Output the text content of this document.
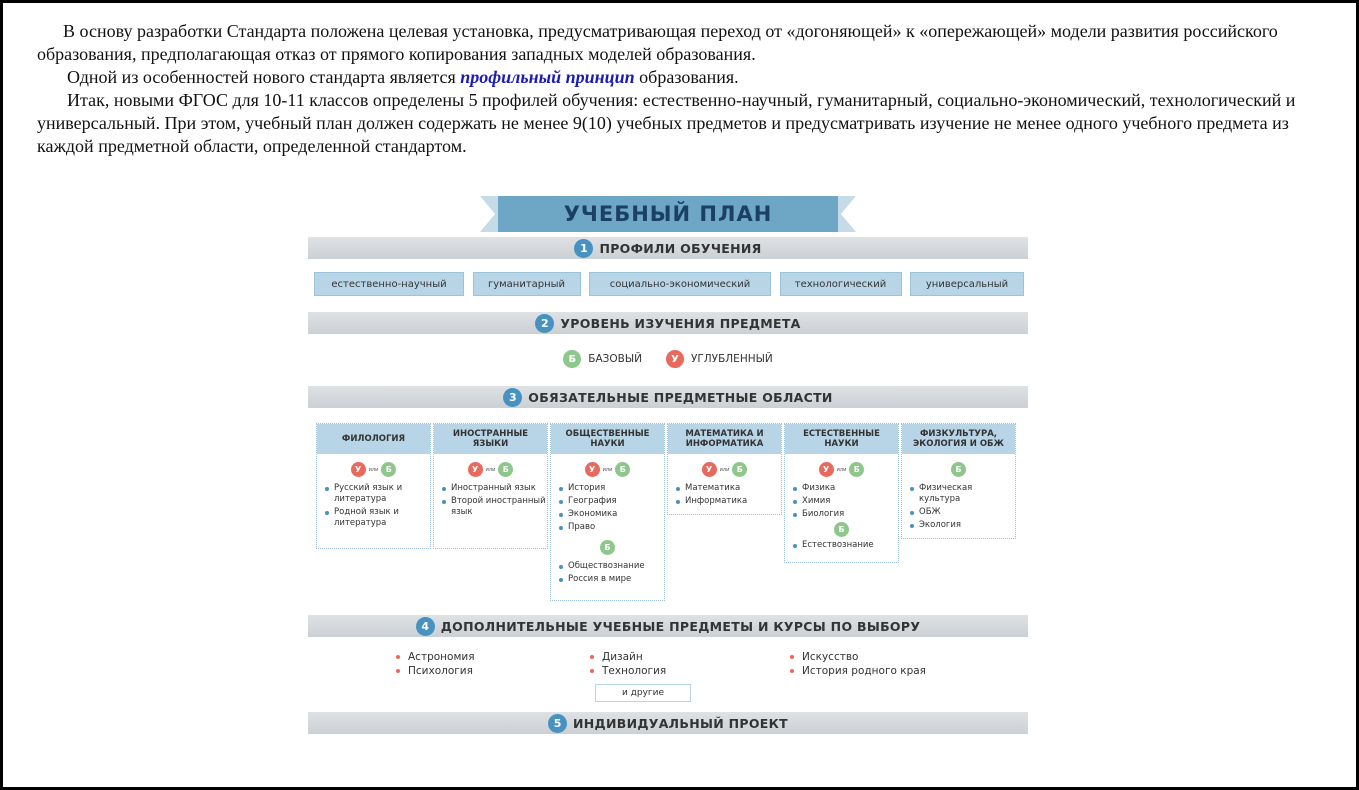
В основу разработки Стандарта положена целевая установка, предусматривающая переход от «догоняющей» к «опережающей» модели развития российского образования, предполагающая отказ от прямого копирования западных моделей образования.

Одной из особенностей нового стандарта является профильный принцип образования.

Итак, новыми ФГОС для 10-11 классов определены 5 профилей обучения: естественно-научный, гуманитарный, социально-экономический, технологический и универсальный. При этом, учебный план должен содержать не менее 9(10) учебных предметов и предусматривать изучение не менее одного учебного предмета из каждой предметной области, определенной стандартом.

УЧЕБНЫЙ ПЛАН
1 ПРОФИЛИ ОБУЧЕНИЯ
естественно-научный	гуманитарный	социально-экономический	технологический	универсальный
2 УРОВЕНЬ ИЗУЧЕНИЯ ПРЕДМЕТА
Б	БАЗОВЫЙ	У	УГЛУБЛЕННЫЙ
3 ОБЯЗАТЕЛЬНЫЕ ПРЕДМЕТНЫЕ ОБЛАСТИ
ФИЛОЛОГИЯ
У	или Б
Русский язык и литература
Родной язык и литература
ИНОСТРАННЫЕ ЯЗЫКИ
У	или Б
Иностранный язык
Второй иностранный язык
ОБЩЕСТВЕННЫЕ НАУКИ
У	или Б
История
География
Экономика
Право
Б
Обществознание
Россия в мире
МАТЕМАТИКА И ИНФОРМАТИКА
У	или Б
Математика
Информатика
ЕСТЕСТВЕННЫЕ НАУКИ
У	или Б
Физика
Химия
Биология
Б
Естествознание
ФИЗКУЛЬТУРА, ЭКОЛОГИЯ И ОБЖ
Б
Физическая культура
ОБЖ
Экология
4 ДОПОЛНИТЕЛЬНЫЕ УЧЕБНЫЕ ПРЕДМЕТЫ И КУРСЫ ПО ВЫБОРУ
Астрономия
Психология
Дизайн
Технология
Искусство
История родного края
и другие
5 ИНДИВИДУАЛЬНЫЙ ПРОЕКТ
